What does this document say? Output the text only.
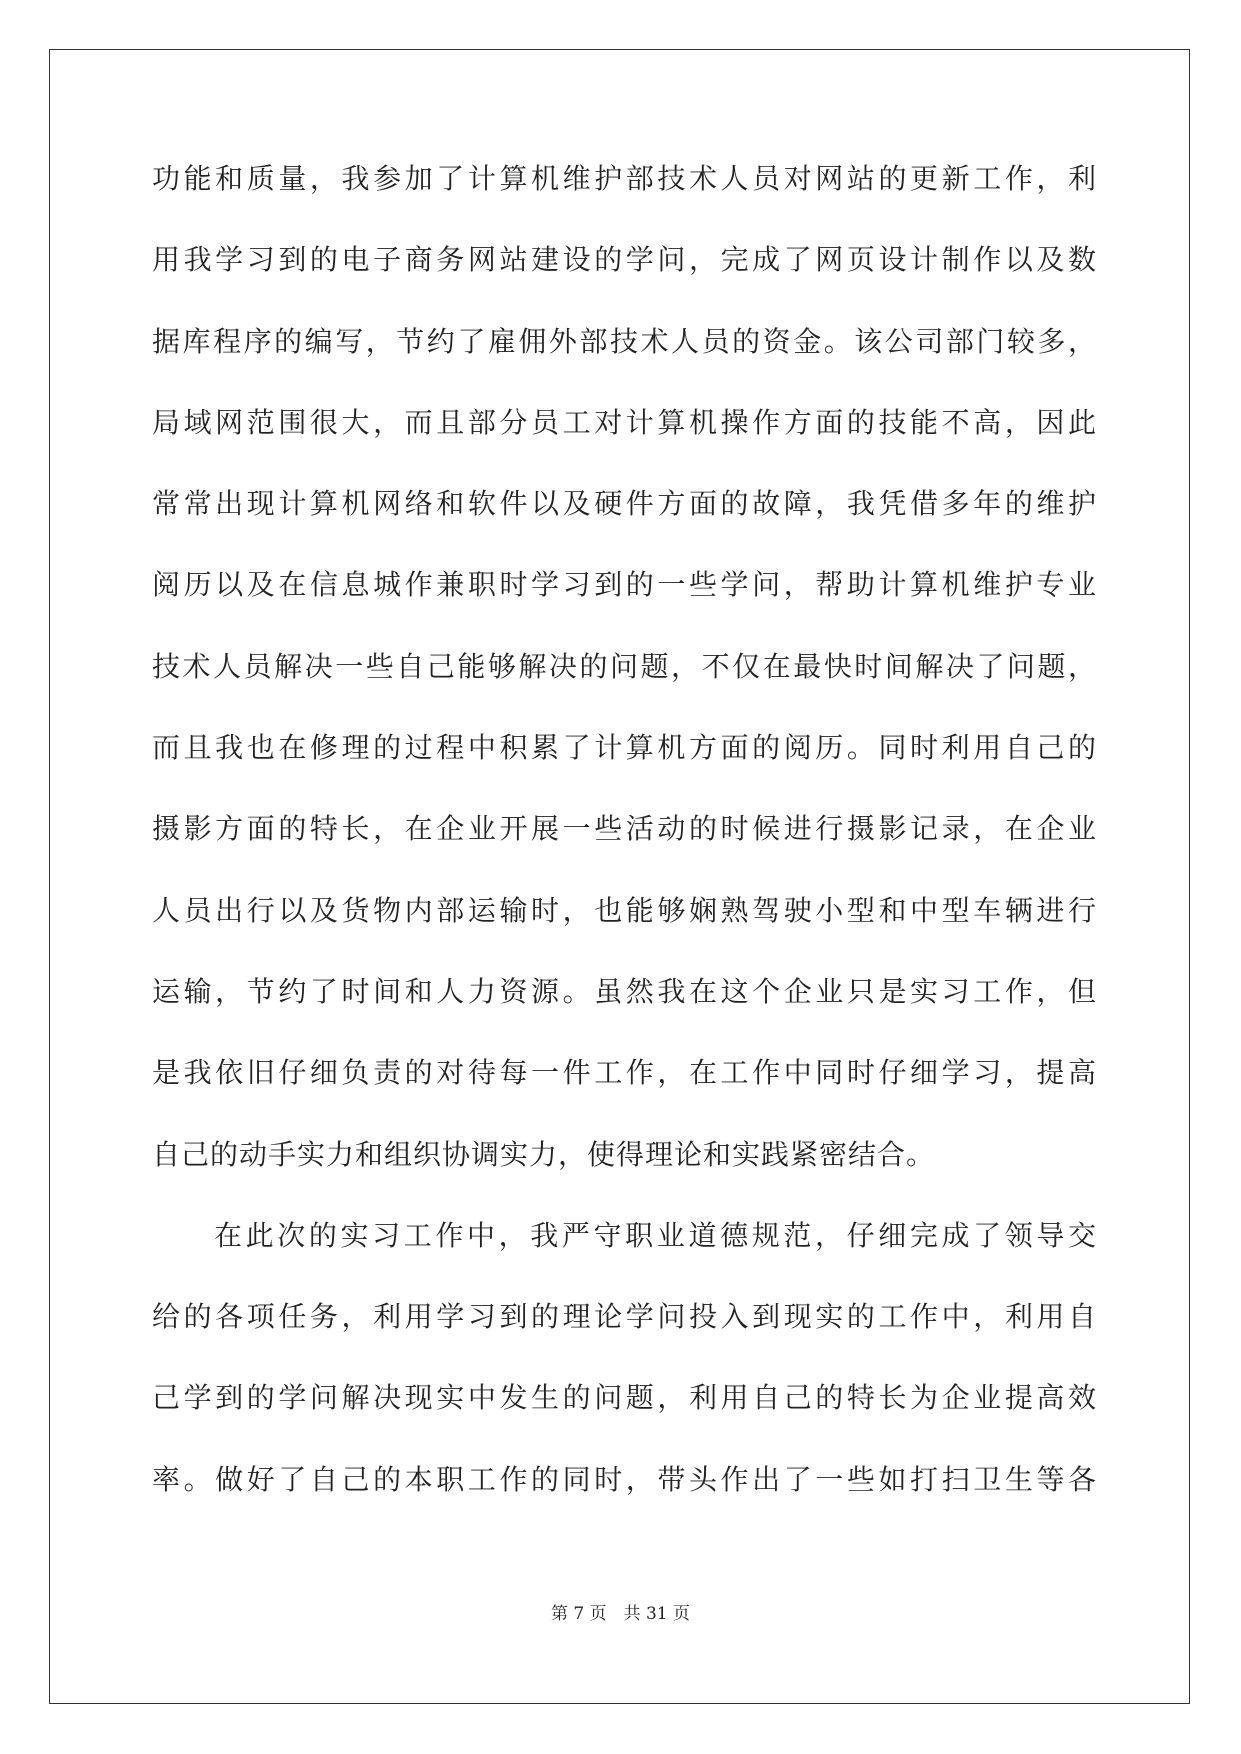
功能和质量，我参加了计算机维护部技术人员对网站的更新工作，利
用我学习到的电子商务网站建设的学问，完成了网页设计制作以及数
据库程序的编写，节约了雇佣外部技术人员的资金。该公司部门较多，
局域网范围很大，而且部分员工对计算机操作方面的技能不高，因此
常常出现计算机网络和软件以及硬件方面的故障，我凭借多年的维护
阅历以及在信息城作兼职时学习到的一些学问，帮助计算机维护专业
技术人员解决一些自己能够解决的问题，不仅在最快时间解决了问题，
而且我也在修理的过程中积累了计算机方面的阅历。同时利用自己的
摄影方面的特长，在企业开展一些活动的时候进行摄影记录，在企业
人员出行以及货物内部运输时，也能够娴熟驾驶小型和中型车辆进行
运输，节约了时间和人力资源。虽然我在这个企业只是实习工作，但
是我依旧仔细负责的对待每一件工作，在工作中同时仔细学习，提高
自己的动手实力和组织协调实力，使得理论和实践紧密结合。
在此次的实习工作中，我严守职业道德规范，仔细完成了领导交
给的各项任务，利用学习到的理论学问投入到现实的工作中，利用自
己学到的学问解决现实中发生的问题，利用自己的特长为企业提高效
率。做好了自己的本职工作的同时，带头作出了一些如打扫卫生等各
第 7 页　共 31 页
